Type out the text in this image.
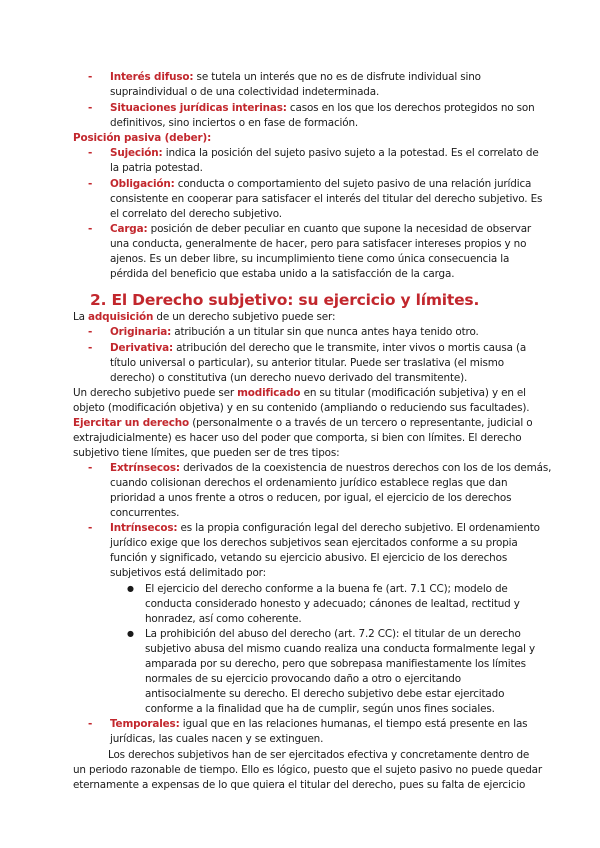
- Interés difuso: se tutela un interés que no es de disfrute individual sino
supraindividual o de una colectividad indeterminada.
- Situaciones jurídicas interinas: casos en los que los derechos protegidos no son
definitivos, sino inciertos o en fase de formación.
Posición pasiva (deber):
- Sujeción: indica la posición del sujeto pasivo sujeto a la potestad. Es el correlato de
la patria potestad.
- Obligación: conducta o comportamiento del sujeto pasivo de una relación jurídica
consistente en cooperar para satisfacer el interés del titular del derecho subjetivo. Es
el correlato del derecho subjetivo.
- Carga: posición de deber peculiar en cuanto que supone la necesidad de observar
una conducta, generalmente de hacer, pero para satisfacer intereses propios y no
ajenos. Es un deber libre, su incumplimiento tiene como única consecuencia la
pérdida del beneficio que estaba unido a la satisfacción de la carga.
2. El Derecho subjetivo: su ejercicio y límites.
La adquisición de un derecho subjetivo puede ser:
- Originaria: atribución a un titular sin que nunca antes haya tenido otro.
- Derivativa: atribución del derecho que le transmite, inter vivos o mortis causa (a
título universal o particular), su anterior titular. Puede ser traslativa (el mismo
derecho) o constitutiva (un derecho nuevo derivado del transmitente).
Un derecho subjetivo puede ser modificado en su titular (modificación subjetiva) y en el
objeto (modificación objetiva) y en su contenido (ampliando o reduciendo sus facultades).
Ejercitar un derecho (personalmente o a través de un tercero o representante, judicial o
extrajudicialmente) es hacer uso del poder que comporta, si bien con límites. El derecho
subjetivo tiene límites, que pueden ser de tres tipos:
- Extrínsecos: derivados de la coexistencia de nuestros derechos con los de los demás,
cuando colisionan derechos el ordenamiento jurídico establece reglas que dan
prioridad a unos frente a otros o reducen, por igual, el ejercicio de los derechos
concurrentes.
- Intrínsecos: es la propia configuración legal del derecho subjetivo. El ordenamiento
jurídico exige que los derechos subjetivos sean ejercitados conforme a su propia
función y significado, vetando su ejercicio abusivo. El ejercicio de los derechos
subjetivos está delimitado por:
● El ejercicio del derecho conforme a la buena fe (art. 7.1 CC); modelo de
conducta considerado honesto y adecuado; cánones de lealtad, rectitud y
honradez, así como coherente.
● La prohibición del abuso del derecho (art. 7.2 CC): el titular de un derecho
subjetivo abusa del mismo cuando realiza una conducta formalmente legal y
amparada por su derecho, pero que sobrepasa manifiestamente los límites
normales de su ejercicio provocando daño a otro o ejercitando
antisocialmente su derecho. El derecho subjetivo debe estar ejercitado
conforme a la finalidad que ha de cumplir, según unos fines sociales.
- Temporales: igual que en las relaciones humanas, el tiempo está presente en las
jurídicas, las cuales nacen y se extinguen.
Los derechos subjetivos han de ser ejercitados efectiva y concretamente dentro de
un periodo razonable de tiempo. Ello es lógico, puesto que el sujeto pasivo no puede quedar
eternamente a expensas de lo que quiera el titular del derecho, pues su falta de ejercicio
